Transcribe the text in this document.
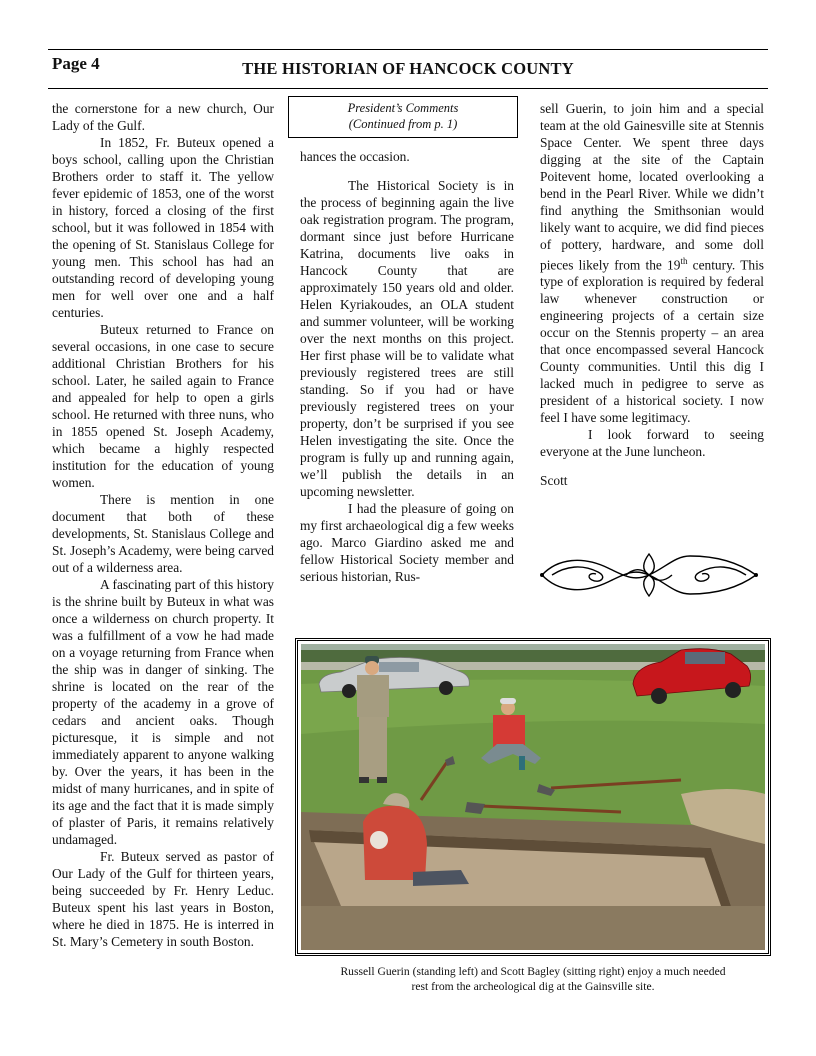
Page 4	THE HISTORIAN OF HANCOCK COUNTY

the cornerstone for a new church, Our Lady of the Gulf.

In 1852, Fr. Buteux opened a boys school, calling upon the Christian Brothers order to staff it. The yellow fever epidemic of 1853, one of the worst in history, forced a closing of the first school, but it was followed in 1854 with the opening of St. Stanislaus College for young men. This school has had an outstanding record of developing young men for well over one and a half centuries.

Buteux returned to France on several occasions, in one case to secure additional Christian Brothers for his school. Later, he sailed again to France and appealed for help to open a girls school. He returned with three nuns, who in 1855 opened St. Joseph Academy, which became a highly respected institution for the education of young women.

There is mention in one document that both of these developments, St. Stanislaus College and St. Joseph’s Academy, were being carved out of a wilderness area.

A fascinating part of this history is the shrine built by Buteux in what was once a wilderness on church property. It was a fulfillment of a vow he had made on a voyage returning from France when the ship was in danger of sinking. The shrine is located on the rear of the property of the academy in a grove of cedars and ancient oaks. Though picturesque, it is simple and not immediately apparent to anyone walking by. Over the years, it has been in the midst of many hurricanes, and in spite of its age and the fact that it is made simply of plaster of Paris, it remains relatively undamaged.

Fr. Buteux served as pastor of Our Lady of the Gulf for thirteen years, being succeeded by Fr. Henry Leduc. Buteux spent his last years in Boston, where he died in 1875. He is interred in St. Mary’s Cemetery in south Boston.

President’s Comments
(Continued from p. 1)

hances the occasion.

The Historical Society is in the process of beginning again the live oak registration program. The program, dormant since just before Hurricane Katrina, documents live oaks in Hancock County that are approximately 150 years old and older. Helen Kyriakoudes, an OLA student and summer volunteer, will be working over the next months on this project. Her first phase will be to validate what previously registered trees are still standing. So if you had or have previously registered trees on your property, don’t be surprised if you see Helen investigating the site. Once the program is fully up and running again, we’ll publish the details in an upcoming newsletter.

I had the pleasure of going on my first archaeological dig a few weeks ago. Marco Giardino asked me and fellow Historical Society member and serious historian, Rus-

sell Guerin, to join him and a special team at the old Gainesville site at Stennis Space Center. We spent three days digging at the site of the Captain Poitevent home, located overlooking a bend in the Pearl River. While we didn’t find anything the Smithsonian would likely want to acquire, we did find pieces of pottery, hardware, and some doll pieces likely from the 19th century. This type of exploration is required by federal law whenever construction or engineering projects of a certain size occur on the Stennis property – an area that once encompassed several Hancock County communities. Until this dig I lacked much in pedigree to serve as president of a historical society. I now feel I have some legitimacy.

I look forward to seeing everyone at the June luncheon.

Scott

Russell Guerin (standing left) and Scott Bagley (sitting right) enjoy a much needed
rest from the archeological dig at the Gainsville site.
